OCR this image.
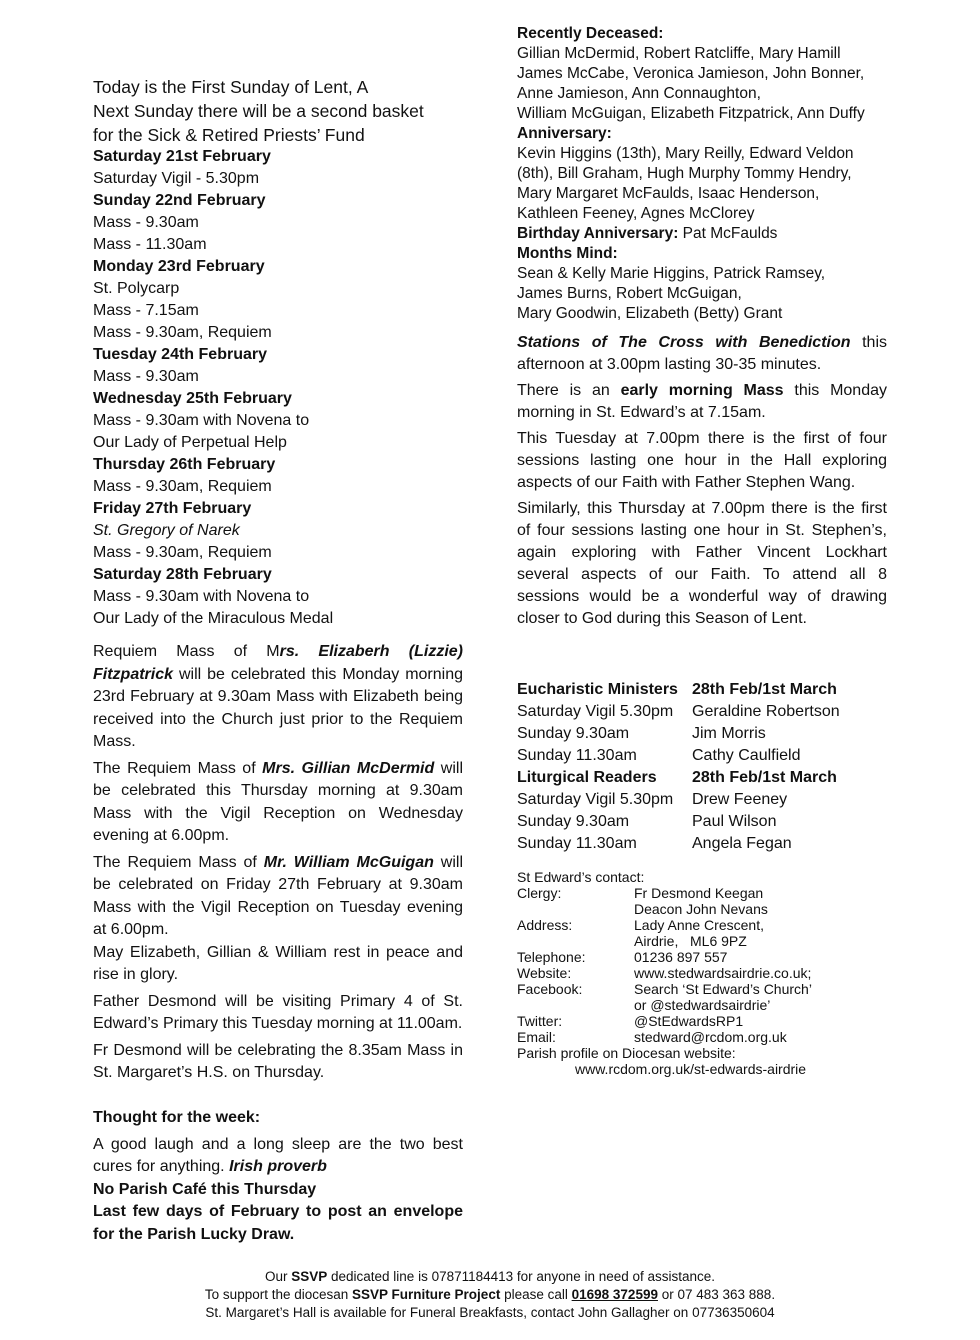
Today is the First Sunday of Lent, A

Next Sunday there will be a second basket

for the Sick & Retired Priests’ Fund

Saturday 21st February

Saturday Vigil - 5.30pm

Sunday 22nd February

Mass - 9.30am

Mass - 11.30am

Monday 23rd February

St. Polycarp

Mass - 7.15am

Mass - 9.30am, Requiem

Tuesday 24th February

Mass - 9.30am

Wednesday 25th February

Mass - 9.30am with Novena to

Our Lady of Perpetual Help

Thursday 26th February

Mass - 9.30am, Requiem

Friday 27th February

St. Gregory of Narek

Mass - 9.30am, Requiem

Saturday 28th February

Mass - 9.30am with Novena to

Our Lady of the Miraculous Medal

Requiem Mass of Mrs. Elizaberh (Lizzie) Fitzpatrick will be celebrated this Monday morning 23rd February at 9.30am Mass with Elizabeth being received into the Church just prior to the Requiem Mass.

The Requiem Mass of Mrs. Gillian McDermid will be celebrated this Thursday morning at 9.30am Mass with the Vigil Reception on Wednesday evening at 6.00pm.

The Requiem Mass of Mr. William McGuigan will be celebrated on Friday 27th February at 9.30am Mass with the Vigil Reception on Tuesday evening at 6.00pm.

May Elizabeth, Gillian & William rest in peace and rise in glory.

Father Desmond will be visiting Primary 4 of St. Edward’s Primary this Tuesday morning at 11.00am.

Fr Desmond will be celebrating the 8.35am Mass in St. Margaret’s H.S. on Thursday.

Thought for the week:

A good laugh and a long sleep are the two best cures for anything. Irish proverb

No Parish Café this Thursday

Last few days of February to post an envelope for the Parish Lucky Draw.

Recently Deceased:

Gillian McDermid, Robert Ratcliffe, Mary Hamill

James McCabe, Veronica Jamieson, John Bonner,

Anne Jamieson, Ann Connaughton,

William McGuigan, Elizabeth Fitzpatrick, Ann Duffy

Anniversary:

Kevin Higgins (13th), Mary Reilly, Edward Veldon

(8th), Bill Graham, Hugh Murphy Tommy Hendry,

Mary Margaret McFaulds, Isaac Henderson,

Kathleen Feeney, Agnes McClorey

Birthday Anniversary: Pat McFaulds

Months Mind:

Sean & Kelly Marie Higgins, Patrick Ramsey,

James Burns, Robert McGuigan,

Mary Goodwin, Elizabeth (Betty) Grant

Stations of The Cross with Benediction this afternoon at 3.00pm lasting 30-35 minutes.

There is an early morning Mass this Monday morning in St. Edward’s at 7.15am.

This Tuesday at 7.00pm there is the first of four sessions lasting one hour in the Hall exploring aspects of our Faith with Father Stephen Wang.

Similarly, this Thursday at 7.00pm there is the first of four sessions lasting one hour in St. Stephen’s, again exploring with Father Vincent Lockhart several aspects of our Faith. To attend all 8 sessions would be a wonderful way of drawing closer to God during this Season of Lent.

Eucharistic Ministers	28th Feb/1st March
Saturday Vigil 5.30pm	Geraldine Robertson
Sunday 9.30am	Jim Morris
Sunday 11.30am	Cathy Caulfield
Liturgical Readers	28th Feb/1st March
Saturday Vigil 5.30pm	Drew Feeney
Sunday 9.30am	Paul Wilson
Sunday 11.30am	Angela Fegan
St Edward’s contact:	
Clergy:	Fr Desmond Keegan
	Deacon John Nevans
Address:	Lady Anne Crescent,
	Airdrie,   ML6 9PZ
Telephone:	01236 897 557
Website:	www.stedwardsairdrie.co.uk;
Facebook:	Search ‘St Edward’s Church’
	or @stedwardsairdrie’
Twitter:	@StEdwardsRP1
Email:	stedward@rcdom.org.uk
Parish profile on Diocesan website:	
www.rcdom.org.uk/st-edwards-airdrie	
Our SSVP dedicated line is 07871184413 for anyone in need of assistance.
To support the diocesan SSVP Furniture Project please call 01698 372599 or 07 483 363 888.
St. Margaret’s Hall is available for Funeral Breakfasts, contact John Gallagher on 07736350604
